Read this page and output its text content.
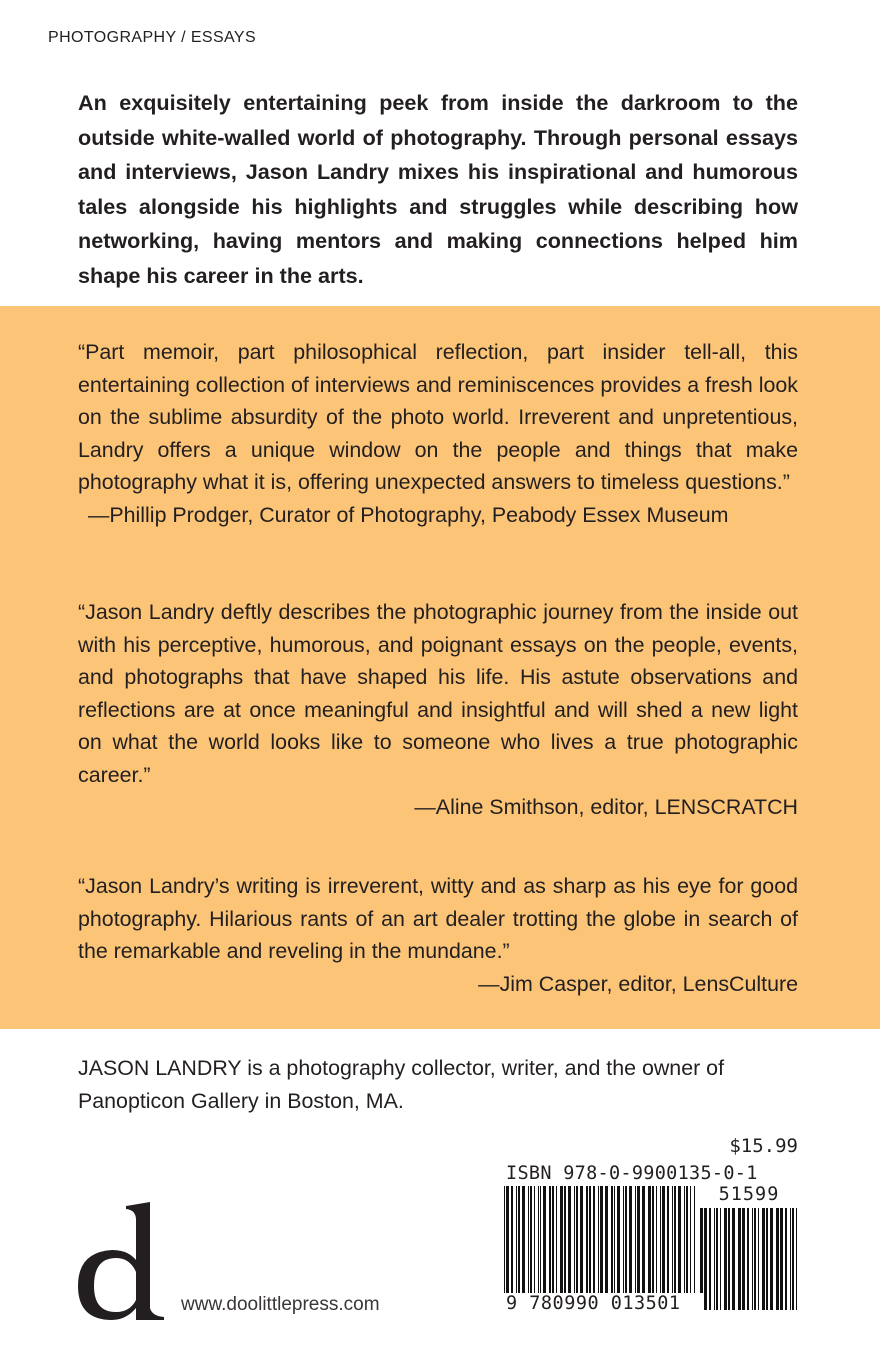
PHOTOGRAPHY / ESSAYS

An exquisitely entertaining peek from inside the darkroom to the outside white-walled world of photography. Through personal essays and interviews, Jason Landry mixes his inspirational and humorous tales alongside his highlights and struggles while describing how networking, having mentors and making connections helped him shape his career in the arts.

“Part memoir, part philosophical reflection, part insider tell-all, this entertaining collection of interviews and reminiscences provides a fresh look on the sublime absurdity of the photo world. Irreverent and unpretentious, Landry offers a unique window on the people and things that make photography what it is, offering unexpected answers to timeless questions.”

—Phillip Prodger, Curator of Photography, Peabody Essex Museum

“Jason Landry deftly describes the photographic journey from the inside out with his perceptive, humorous, and poignant essays on the people, events, and photographs that have shaped his life. His astute observations and reflections are at once meaningful and insightful and will shed a new light on what the world looks like to someone who lives a true photographic career.”

—Aline Smithson, editor, LENSCRATCH

“Jason Landry’s writing is irreverent, witty and as sharp as his eye for good photography. Hilarious rants of an art dealer trotting the globe in search of the remarkable and reveling in the mundane.”

—Jim Casper, editor, LensCulture

JASON LANDRY is a photography collector, writer, and the owner of Panopticon Gallery in Boston, MA.

www.doolittlepress.com
$15.99
ISBN 978-0-9900135-0-1
51599
9 780990 013501
